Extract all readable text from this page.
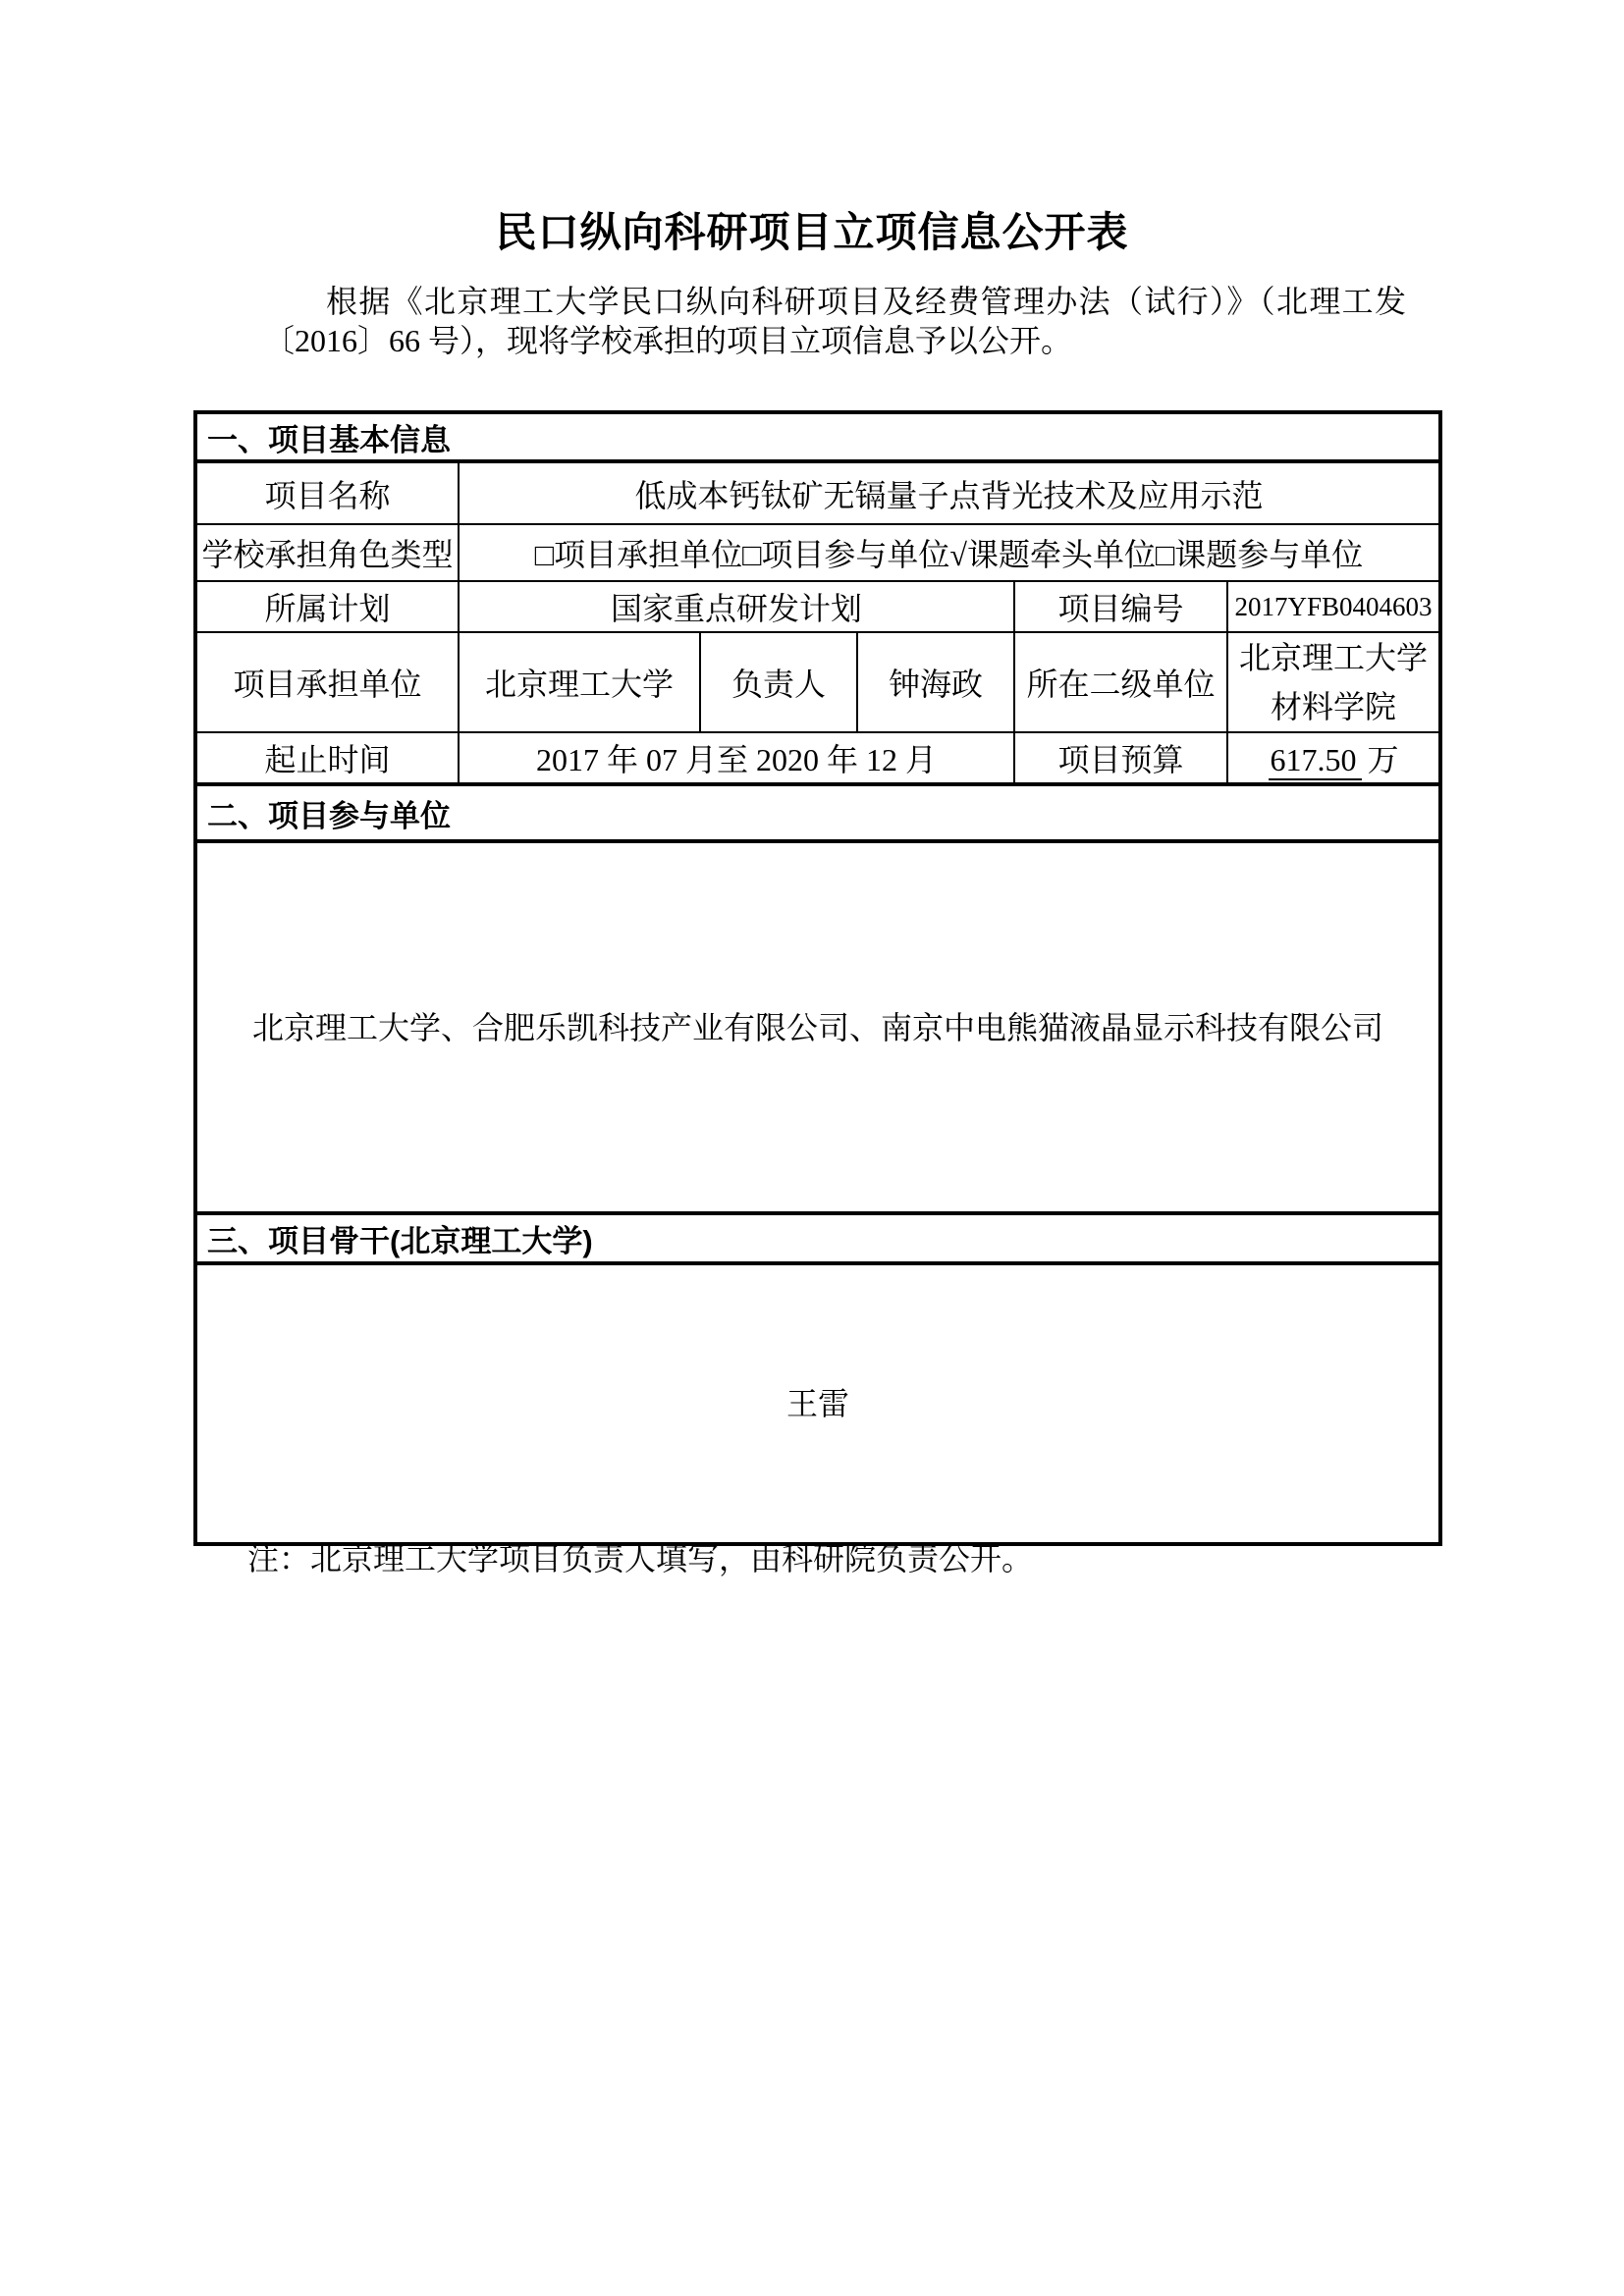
民口纵向科研项目立项信息公开表

根据《北京理工大学民口纵向科研项目及经费管理办法（试行）》（北理工发〔2016〕66 号），现将学校承担的项目立项信息予以公开。

一、项目基本信息					
项目名称	低成本钙钛矿无镉量子点背光技术及应用示范				
学校承担角色类型	□项目承担单位□项目参与单位√课题牵头单位□课题参与单位				
所属计划	国家重点研发计划			项目编号	2017YFB0404603
项目承担单位	北京理工大学	负责人	钟海政	所在二级单位	北京理工大学材料学院
起止时间	2017 年 07 月至 2020 年 12 月			项目预算	617.50 万
二、项目参与单位					
北京理工大学、合肥乐凯科技产业有限公司、南京中电熊猫液晶显示科技有限公司					
三、项目骨干(北京理工大学)					
王雷					
注：北京理工大学项目负责人填写，由科研院负责公开。
